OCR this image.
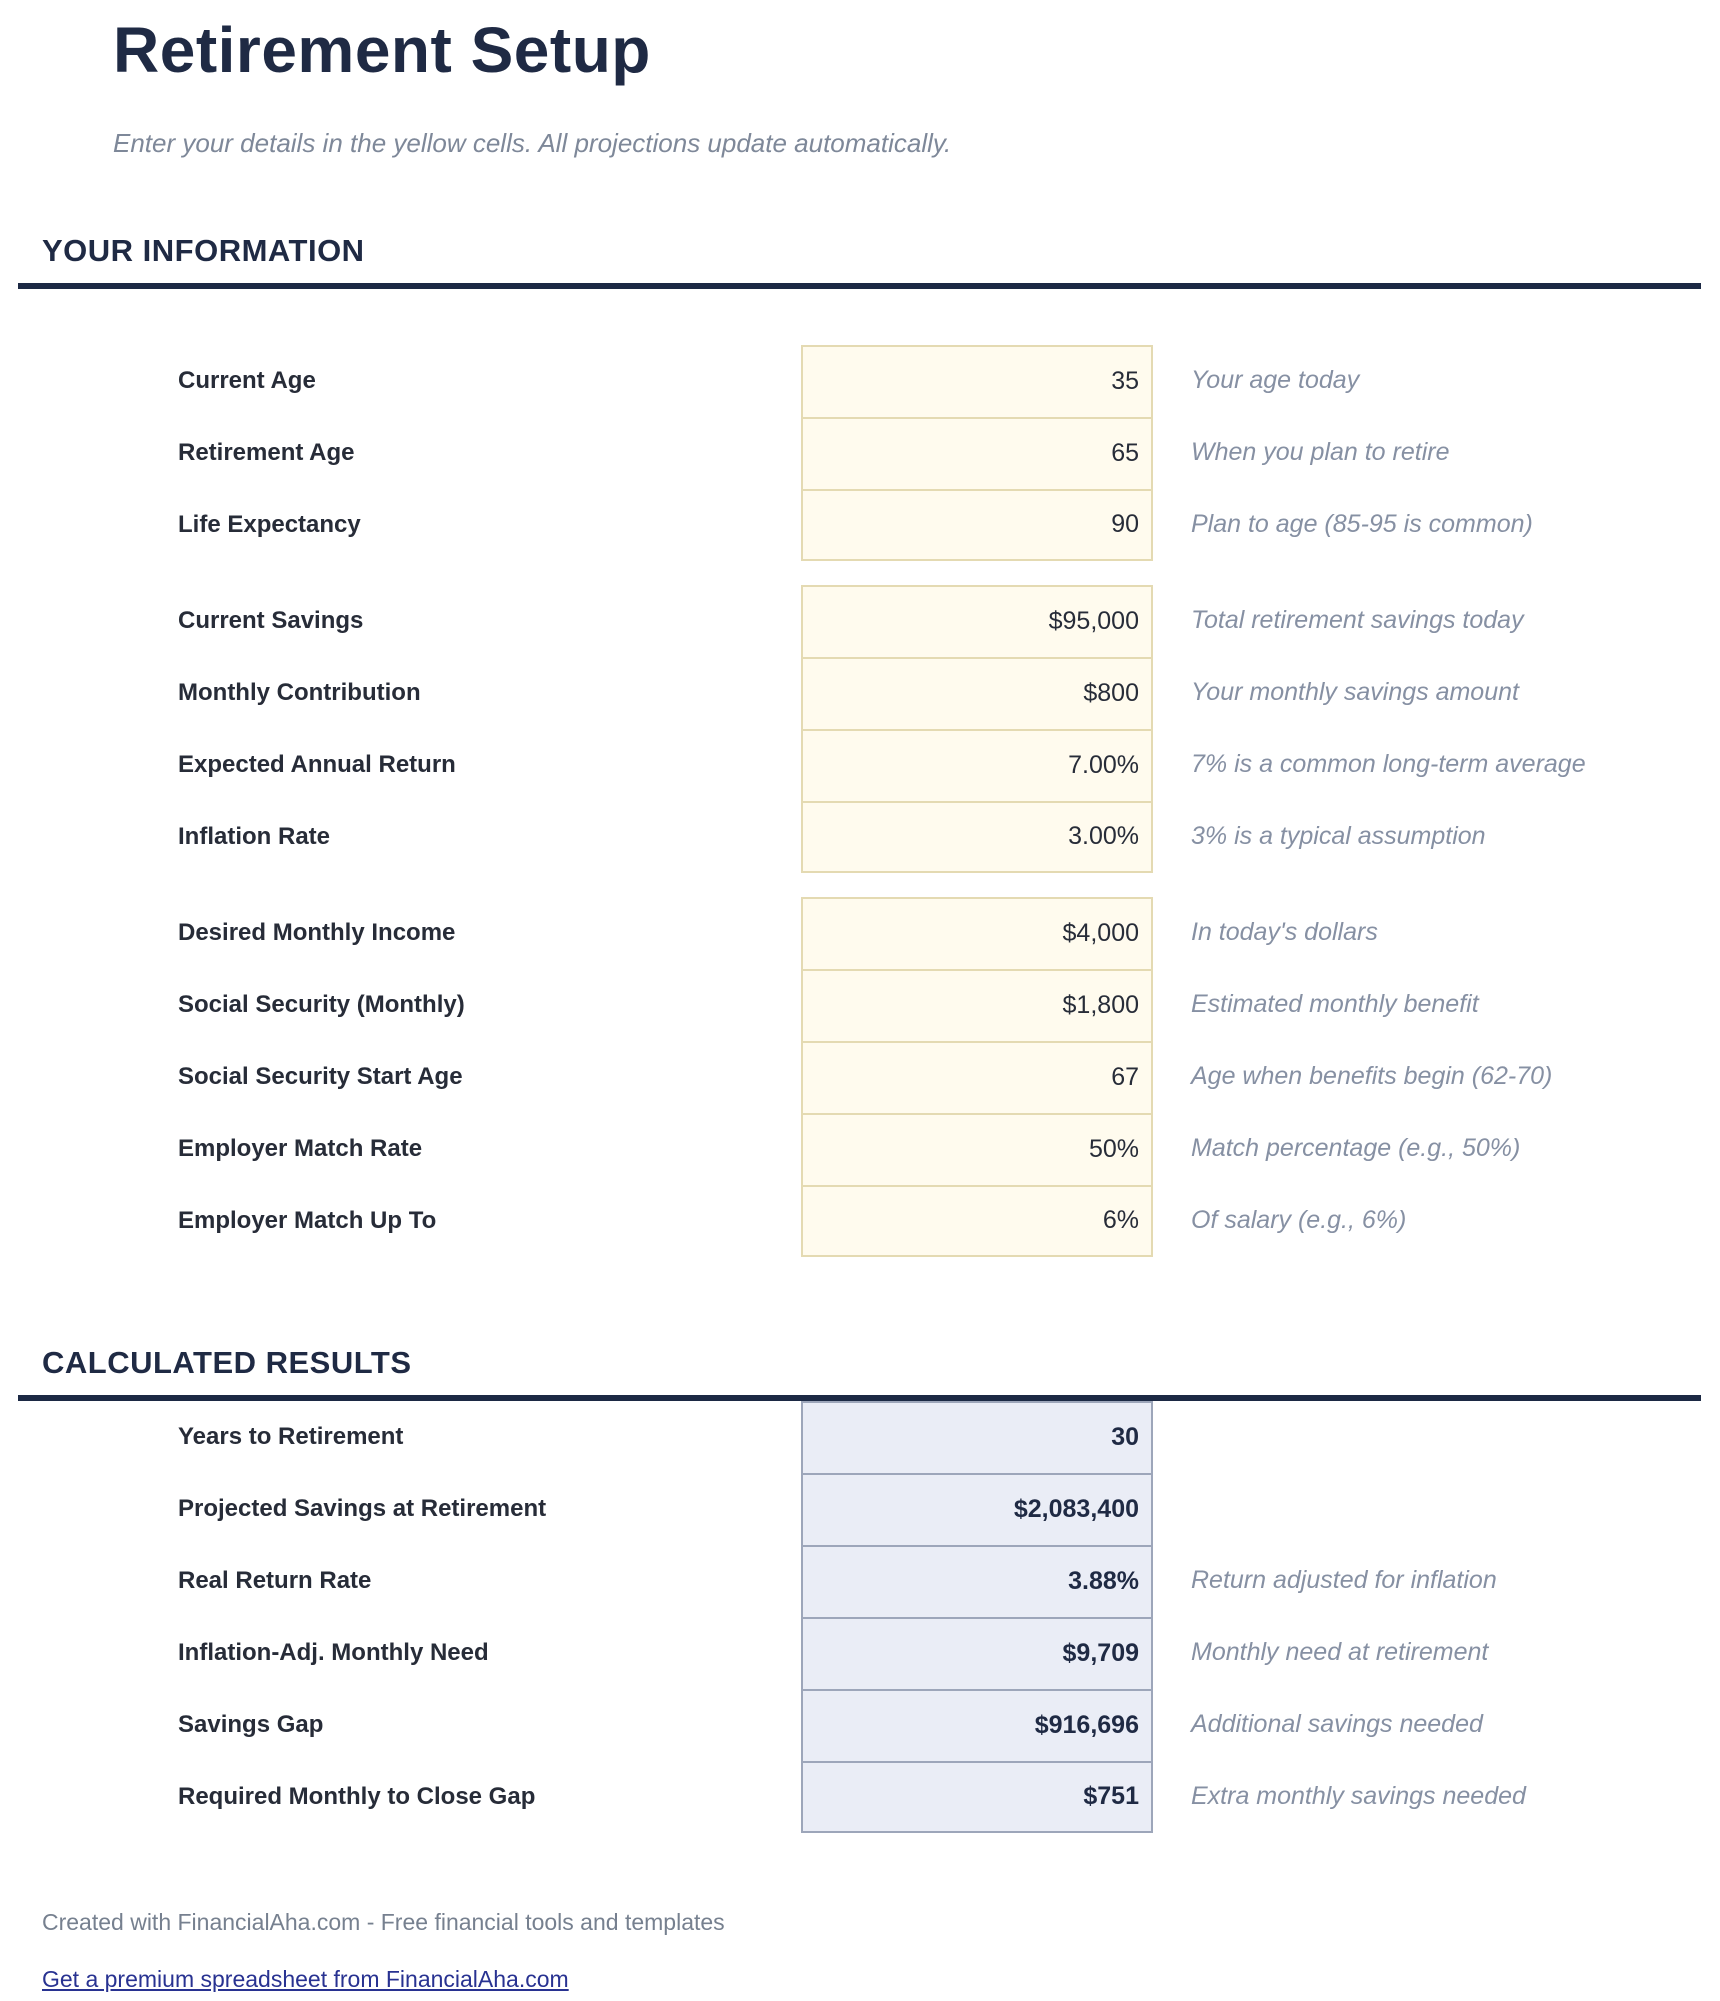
Retirement Setup
Enter your details in the yellow cells. All projections update automatically.
YOUR INFORMATION
Current Age	35	Your age today
Retirement Age	65	When you plan to retire
Life Expectancy	90	Plan to age (85-95 is common)
Current Savings	$95,000	Total retirement savings today
Monthly Contribution	$800	Your monthly savings amount
Expected Annual Return	7.00%	7% is a common long-term average
Inflation Rate	3.00%	3% is a typical assumption
Desired Monthly Income	$4,000	In today's dollars
Social Security (Monthly)	$1,800	Estimated monthly benefit
Social Security Start Age	67	Age when benefits begin (62-70)
Employer Match Rate	50%	Match percentage (e.g., 50%)
Employer Match Up To	6%	Of salary (e.g., 6%)
CALCULATED RESULTS
Years to Retirement	30
Projected Savings at Retirement	$2,083,400
Real Return Rate	3.88%	Return adjusted for inflation
Inflation-Adj. Monthly Need	$9,709	Monthly need at retirement
Savings Gap	$916,696	Additional savings needed
Required Monthly to Close Gap	$751	Extra monthly savings needed
Created with FinancialAha.com - Free financial tools and templates
Get a premium spreadsheet from FinancialAha.com
